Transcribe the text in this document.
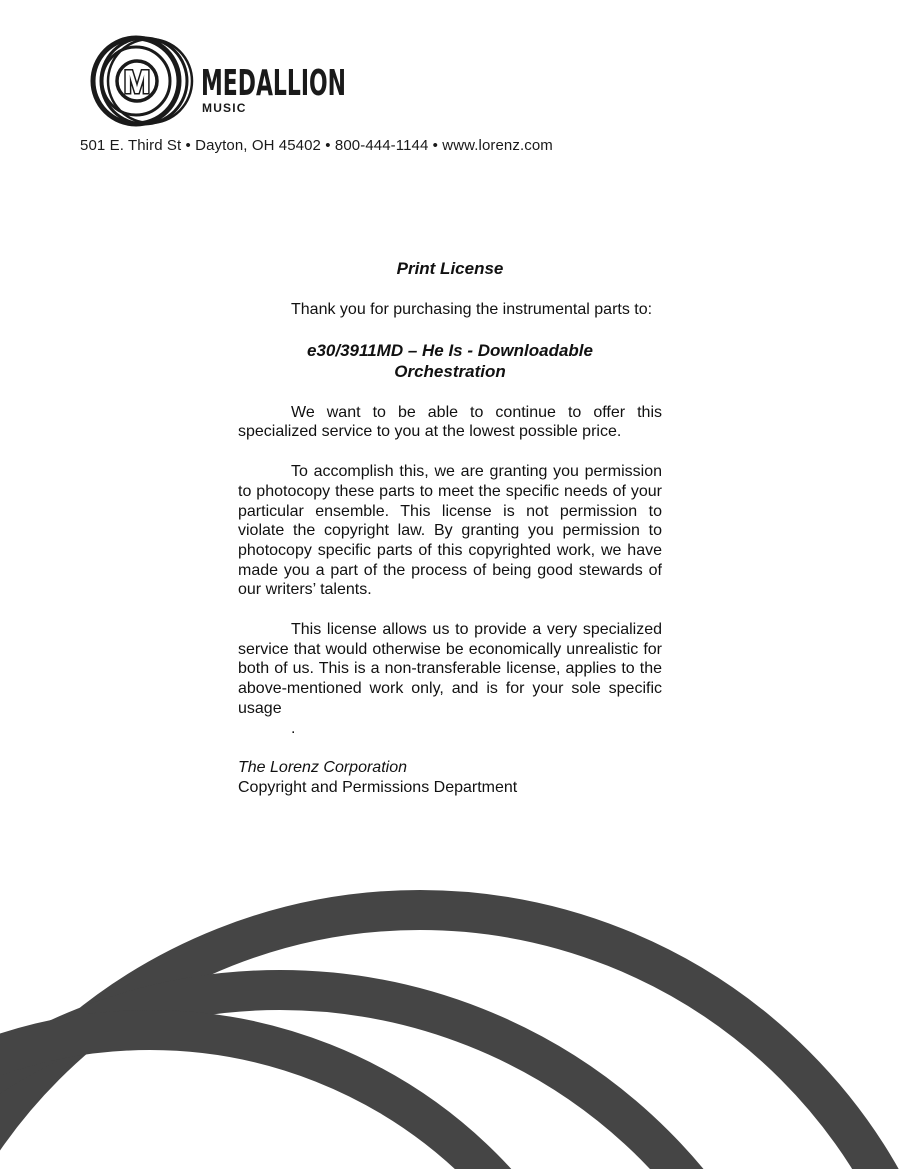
M MEDALLION
MUSIC
501 E. Third St • Dayton, OH 45402 • 800-444-1144 • www.lorenz.com

Print License

Thank you for purchasing the instrumental parts to:

e30/3911MD – He Is - Downloadable Orchestration

We want to be able to continue to offer this specialized service to you at the lowest possible price.

To accomplish this, we are granting you permission to photocopy these parts to meet the specific needs of your particular ensemble. This license is not permission to violate the copyright law. By granting you permission to photocopy specific parts of this copyrighted work, we have made you a part of the process of being good stewards of our writers’ talents.

This license allows us to provide a very specialized service that would otherwise be economically unrealistic for both of us. This is a non-transferable license, applies to the above-mentioned work only, and is for your sole specific usage

.

The Lorenz Corporation

Copyright and Permissions Department
